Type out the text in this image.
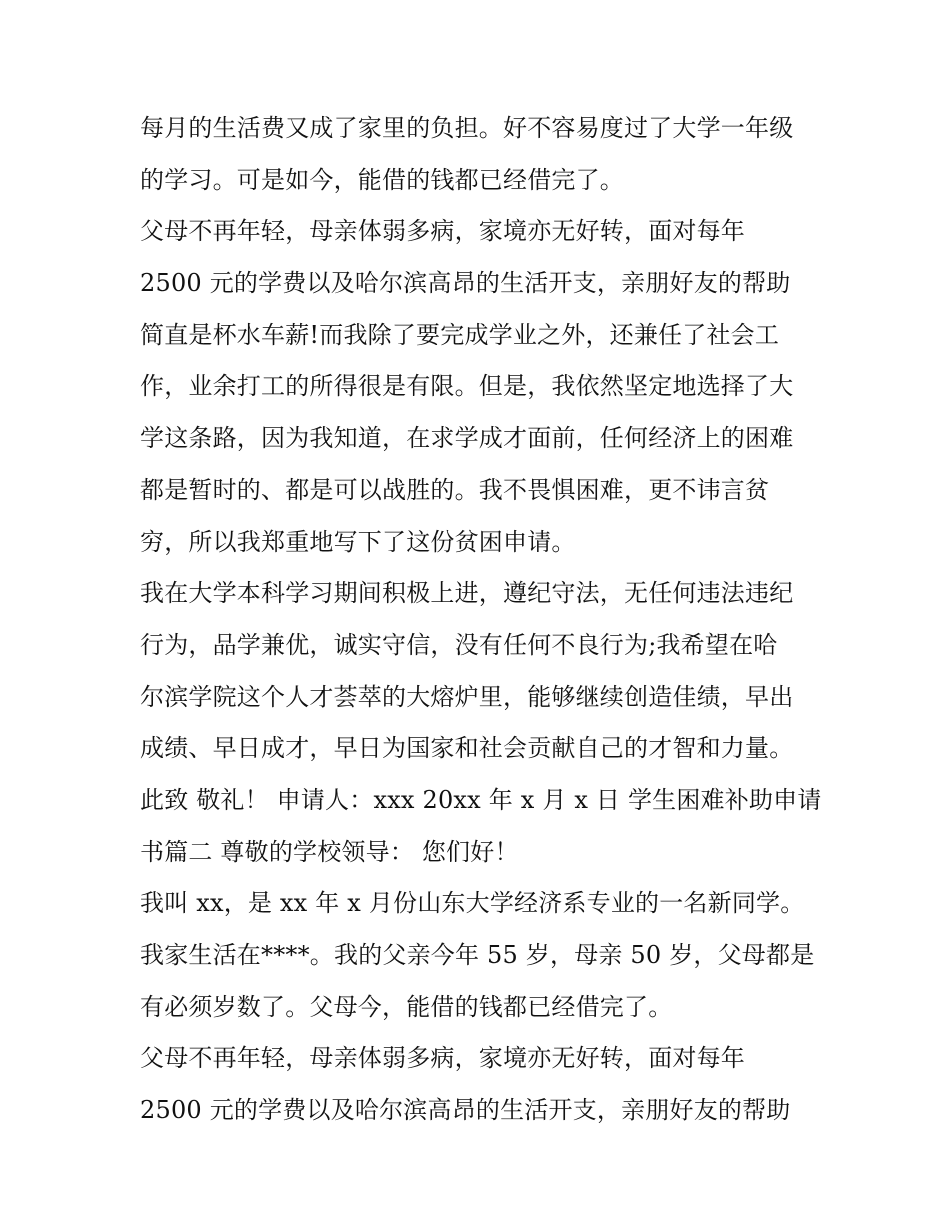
每月的生活费又成了家里的负担。好不容易度过了大学一年级
的学习。可是如今，能借的钱都已经借完了。
父母不再年轻，母亲体弱多病，家境亦无好转，面对每年
2500 元的学费以及哈尔滨高昂的生活开支，亲朋好友的帮助
简直是杯水车薪!而我除了要完成学业之外，还兼任了社会工
作，业余打工的所得很是有限。但是，我依然坚定地选择了大
学这条路，因为我知道，在求学成才面前，任何经济上的困难
都是暂时的、都是可以战胜的。我不畏惧困难，更不讳言贫
穷，所以我郑重地写下了这份贫困申请。
我在大学本科学习期间积极上进，遵纪守法，无任何违法违纪
行为，品学兼优，诚实守信，没有任何不良行为;我希望在哈
尔滨学院这个人才荟萃的大熔炉里，能够继续创造佳绩，早出
成绩、早日成才，早日为国家和社会贡献自己的才智和力量。
此致 敬礼！ 申请人：xxx 20xx 年 x 月 x 日 学生困难补助申请
书篇二 尊敬的学校领导： 您们好！
我叫 xx，是 xx 年 x 月份山东大学经济系专业的一名新同学。
我家生活在****。我的父亲今年 55 岁，母亲 50 岁，父母都是
有必须岁数了。父母今，能借的钱都已经借完了。
父母不再年轻，母亲体弱多病，家境亦无好转，面对每年
2500 元的学费以及哈尔滨高昂的生活开支，亲朋好友的帮助
